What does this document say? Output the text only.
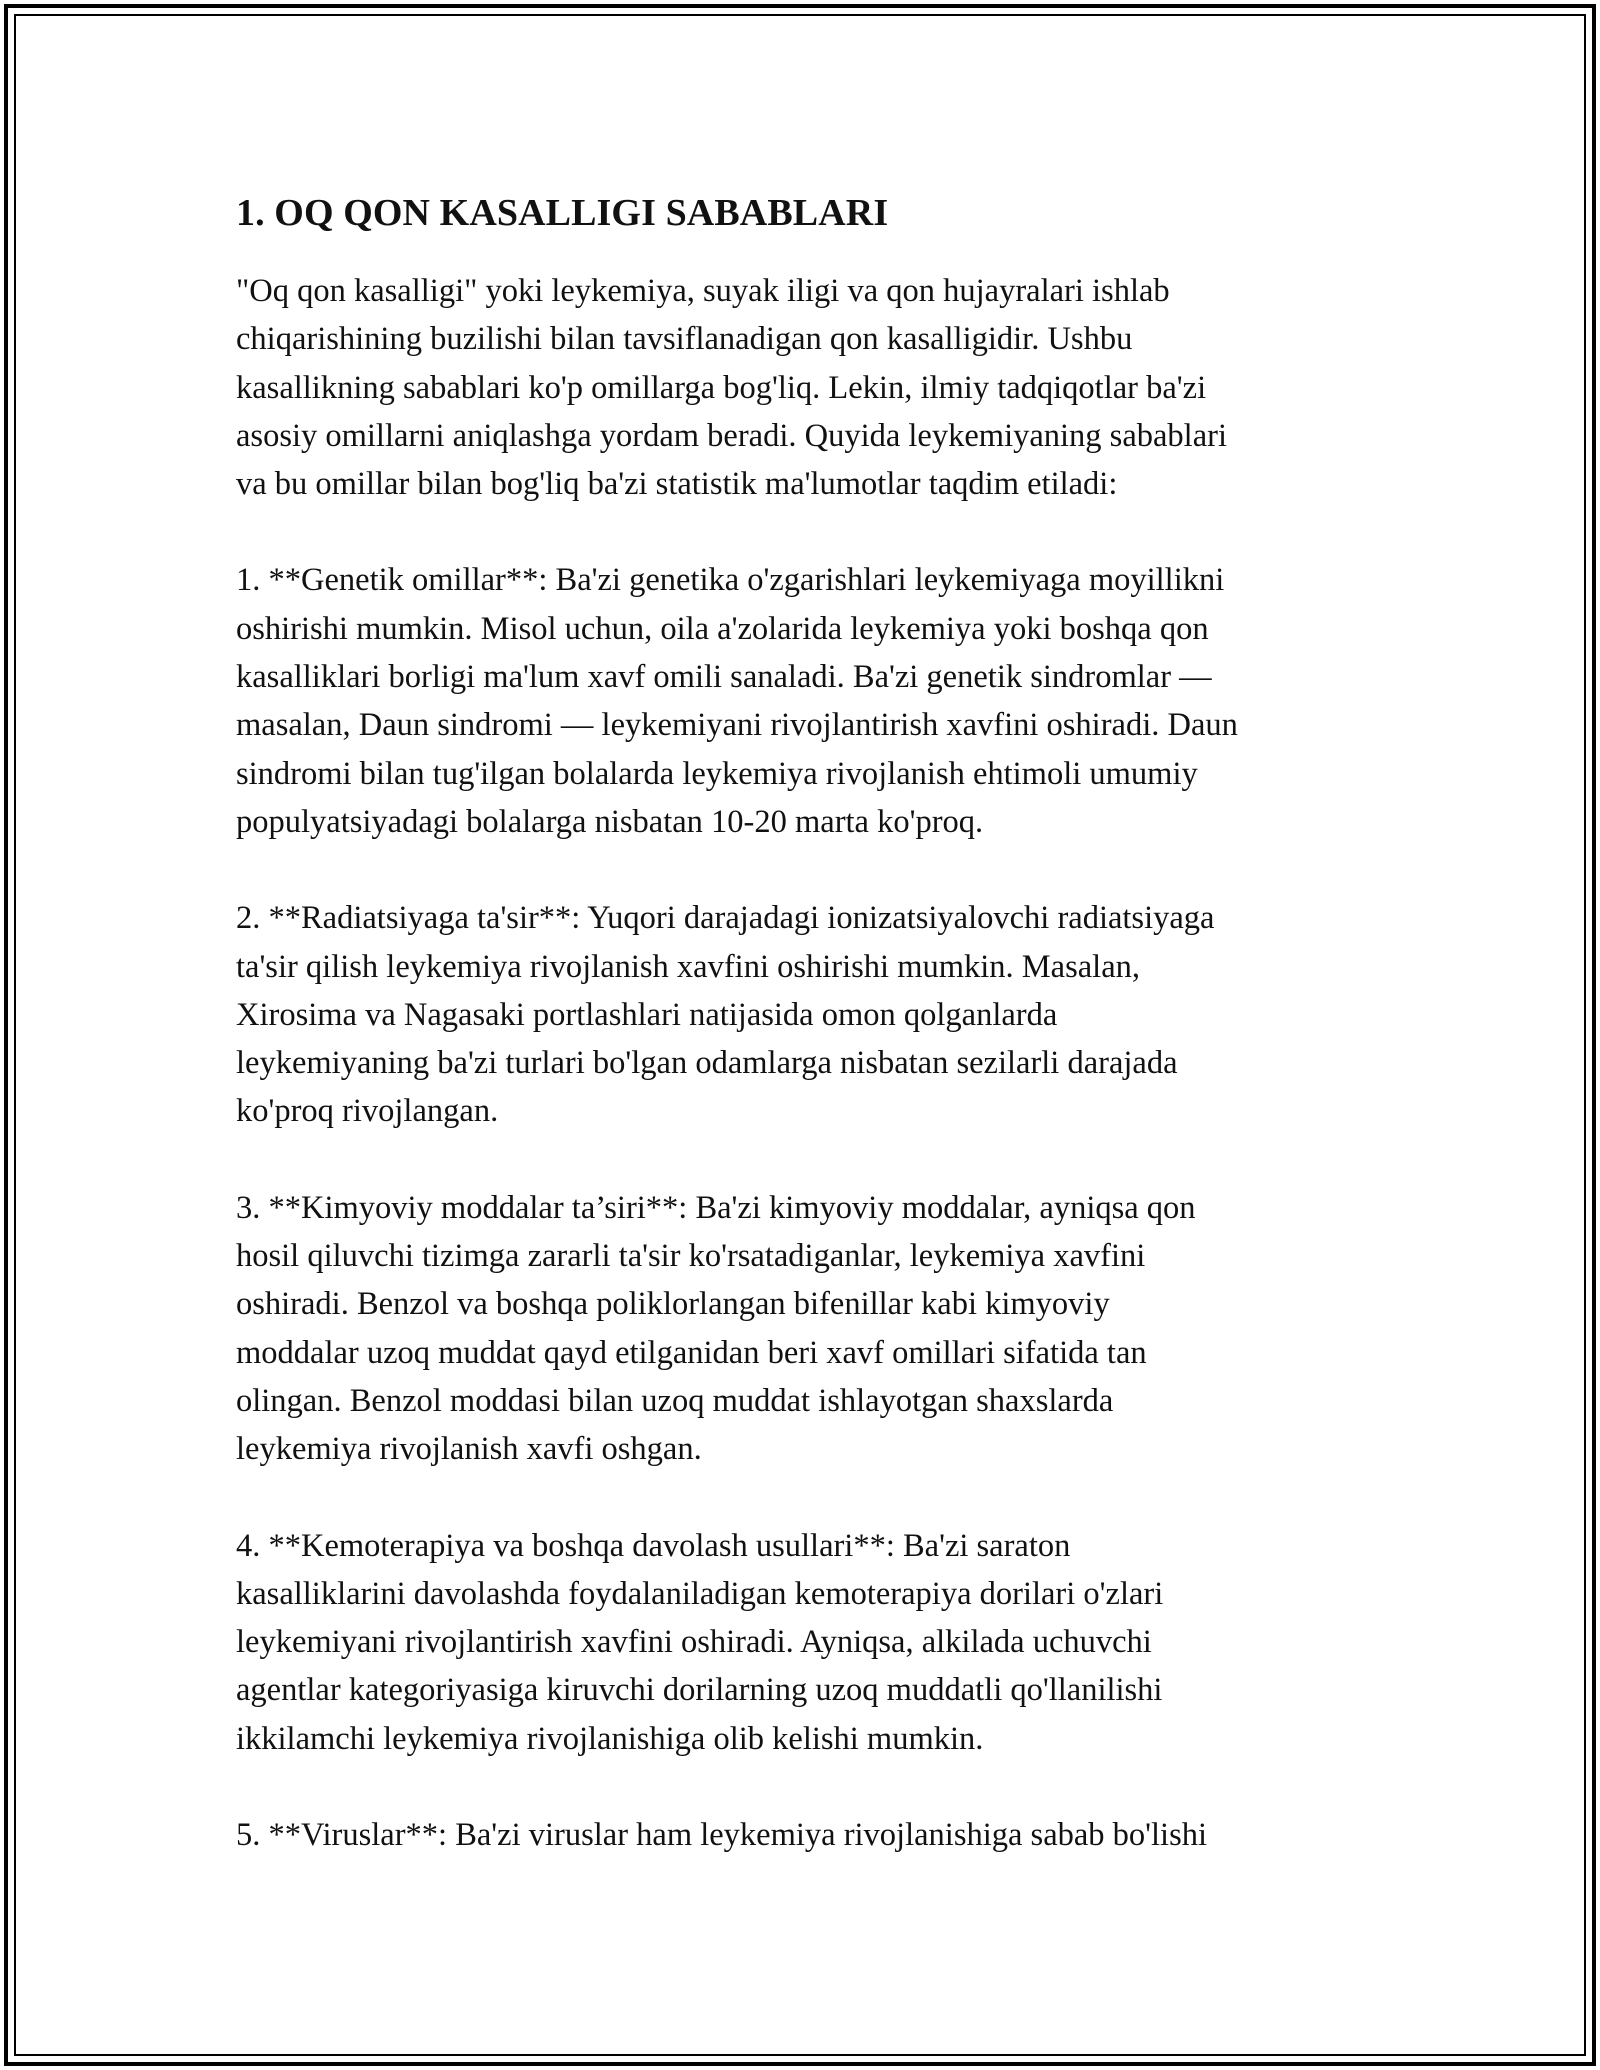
1. OQ QON KASALLIGI SABABLARI

"Oq qon kasalligi" yoki leykemiya, suyak iligi va qon hujayralari ishlab
chiqarishining buzilishi bilan tavsiflanadigan qon kasalligidir. Ushbu
kasallikning sabablari ko'p omillarga bog'liq. Lekin, ilmiy tadqiqotlar ba'zi
asosiy omillarni aniqlashga yordam beradi. Quyida leykemiyaning sabablari
va bu omillar bilan bog'liq ba'zi statistik ma'lumotlar taqdim etiladi:

1. **Genetik omillar**: Ba'zi genetika o'zgarishlari leykemiyaga moyillikni
oshirishi mumkin. Misol uchun, oila a'zolarida leykemiya yoki boshqa qon
kasalliklari borligi ma'lum xavf omili sanaladi. Ba'zi genetik sindromlar —
masalan, Daun sindromi — leykemiyani rivojlantirish xavfini oshiradi. Daun
sindromi bilan tug'ilgan bolalarda leykemiya rivojlanish ehtimoli umumiy
populyatsiyadagi bolalarga nisbatan 10-20 marta ko'proq.

2. **Radiatsiyaga ta'sir**: Yuqori darajadagi ionizatsiyalovchi radiatsiyaga
ta'sir qilish leykemiya rivojlanish xavfini oshirishi mumkin. Masalan,
Xirosima va Nagasaki portlashlari natijasida omon qolganlarda
leykemiyaning ba'zi turlari bo'lgan odamlarga nisbatan sezilarli darajada
ko'proq rivojlangan.

3. **Kimyoviy moddalar ta’siri**: Ba'zi kimyoviy moddalar, ayniqsa qon
hosil qiluvchi tizimga zararli ta'sir ko'rsatadiganlar, leykemiya xavfini
oshiradi. Benzol va boshqa poliklorlangan bifenillar kabi kimyoviy
moddalar uzoq muddat qayd etilganidan beri xavf omillari sifatida tan
olingan. Benzol moddasi bilan uzoq muddat ishlayotgan shaxslarda
leykemiya rivojlanish xavfi oshgan.

4. **Kemoterapiya va boshqa davolash usullari**: Ba'zi saraton
kasalliklarini davolashda foydalaniladigan kemoterapiya dorilari o'zlari
leykemiyani rivojlantirish xavfini oshiradi. Ayniqsa, alkilada uchuvchi
agentlar kategoriyasiga kiruvchi dorilarning uzoq muddatli qo'llanilishi
ikkilamchi leykemiya rivojlanishiga olib kelishi mumkin.

5. **Viruslar**: Ba'zi viruslar ham leykemiya rivojlanishiga sabab bo'lishi
